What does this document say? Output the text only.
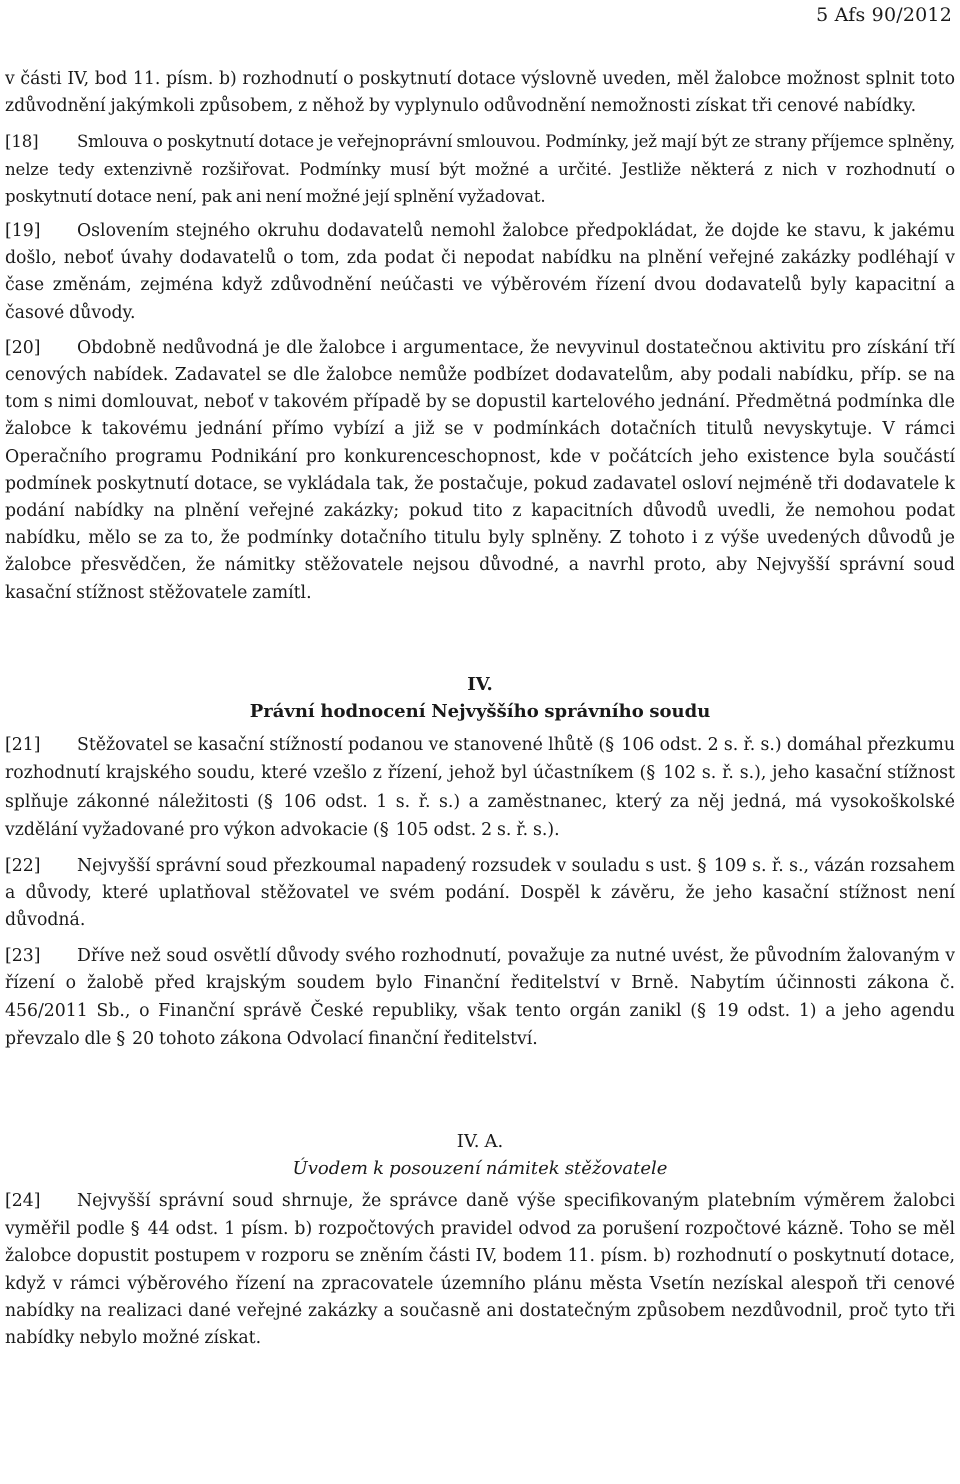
5 Afs 90/2012

v části IV, bod 11. písm. b) rozhodnutí o poskytnutí dotace výslovně uveden, měl žalobce možnost splnit toto zdůvodnění jakýmkoli způsobem, z něhož by vyplynulo odůvodnění nemožnosti získat tři cenové nabídky.

[18] Smlouva o poskytnutí dotace je veřejnoprávní smlouvou. Podmínky, jež mají být ze strany příjemce splněny, nelze tedy extenzivně rozšiřovat. Podmínky musí být možné a určité. Jestliže některá z nich v rozhodnutí o poskytnutí dotace není, pak ani není možné její splnění vyžadovat.

[19] Oslovením stejného okruhu dodavatelů nemohl žalobce předpokládat, že dojde ke stavu, k jakému došlo, neboť úvahy dodavatelů o tom, zda podat či nepodat nabídku na plnění veřejné zakázky podléhají v čase změnám, zejména když zdůvodnění neúčasti ve výběrovém řízení dvou dodavatelů byly kapacitní a časové důvody.

[20] Obdobně nedůvodná je dle žalobce i argumentace, že nevyvinul dostatečnou aktivitu pro získání tří cenových nabídek. Zadavatel se dle žalobce nemůže podbízet dodavatelům, aby podali nabídku, příp. se na tom s nimi domlouvat, neboť v takovém případě by se dopustil kartelového jednání. Předmětná podmínka dle žalobce k takovému jednání přímo vybízí a již se v podmínkách dotačních titulů nevyskytuje. V rámci Operačního programu Podnikání pro konkurenceschopnost, kde v počátcích jeho existence byla součástí podmínek poskytnutí dotace, se vykládala tak, že postačuje, pokud zadavatel osloví nejméně tři dodavatele k podání nabídky na plnění veřejné zakázky; pokud tito z kapacitních důvodů uvedli, že nemohou podat nabídku, mělo se za to, že podmínky dotačního titulu byly splněny. Z tohoto i z výše uvedených důvodů je žalobce přesvědčen, že námitky stěžovatele nejsou důvodné, a navrhl proto, aby Nejvyšší správní soud kasační stížnost stěžovatele zamítl.

IV.

Právní hodnocení Nejvyššího správního soudu

[21] Stěžovatel se kasační stížností podanou ve stanovené lhůtě (§ 106 odst. 2 s. ř. s.) domáhal přezkumu rozhodnutí krajského soudu, které vzešlo z řízení, jehož byl účastníkem (§ 102 s. ř. s.), jeho kasační stížnost splňuje zákonné náležitosti (§ 106 odst. 1 s. ř. s.) a zaměstnanec, který za něj jedná, má vysokoškolské vzdělání vyžadované pro výkon advokacie (§ 105 odst. 2 s. ř. s.).

[22] Nejvyšší správní soud přezkoumal napadený rozsudek v souladu s ust. § 109 s. ř. s., vázán rozsahem a důvody, které uplatňoval stěžovatel ve svém podání. Dospěl k závěru, že jeho kasační stížnost není důvodná.

[23] Dříve než soud osvětlí důvody svého rozhodnutí, považuje za nutné uvést, že původním žalovaným v řízení o žalobě před krajským soudem bylo Finanční ředitelství v Brně. Nabytím účinnosti zákona č. 456/2011 Sb., o Finanční správě České republiky, však tento orgán zanikl (§ 19 odst. 1) a jeho agendu převzalo dle § 20 tohoto zákona Odvolací finanční ředitelství.

IV. A.

Úvodem k posouzení námitek stěžovatele

[24] Nejvyšší správní soud shrnuje, že správce daně výše specifikovaným platebním výměrem žalobci vyměřil podle § 44 odst. 1 písm. b) rozpočtových pravidel odvod za porušení rozpočtové kázně. Toho se měl žalobce dopustit postupem v rozporu se zněním části IV, bodem 11. písm. b) rozhodnutí o poskytnutí dotace, když v rámci výběrového řízení na zpracovatele územního plánu města Vsetín nezískal alespoň tři cenové nabídky na realizaci dané veřejné zakázky a současně ani dostatečným způsobem nezdůvodnil, proč tyto tři nabídky nebylo možné získat.
